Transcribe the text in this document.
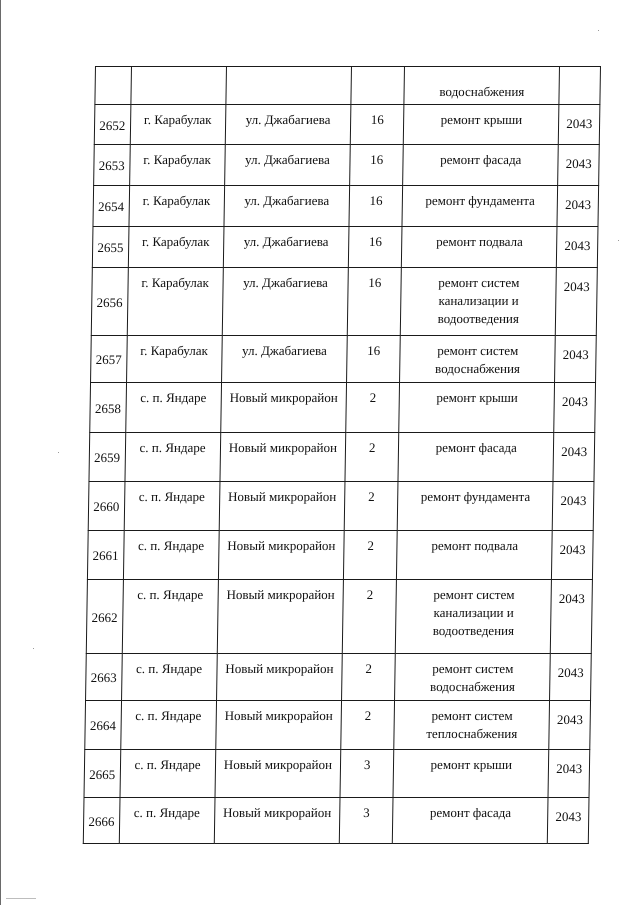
				водоснабжения	
2652	г. Карабулак	ул. Джабагиева	16	ремонт крыши	2043
2653	г. Карабулак	ул. Джабагиева	16	ремонт фасада	2043
2654	г. Карабулак	ул. Джабагиева	16	ремонт фундамента	2043
2655	г. Карабулак	ул. Джабагиева	16	ремонт подвала	2043
2656	г. Карабулак	ул. Джабагиева	16	ремонт систем канализации и водоотведения	2043
2657	г. Карабулак	ул. Джабагиева	16	ремонт систем водоснабжения	2043
2658	с. п. Яндаре	Новый микрорайон	2	ремонт крыши	2043
2659	с. п. Яндаре	Новый микрорайон	2	ремонт фасада	2043
2660	с. п. Яндаре	Новый микрорайон	2	ремонт фундамента	2043
2661	с. п. Яндаре	Новый микрорайон	2	ремонт подвала	2043
2662	с. п. Яндаре	Новый микрорайон	2	ремонт систем канализации и водоотведения	2043
2663	с. п. Яндаре	Новый микрорайон	2	ремонт систем водоснабжения	2043
2664	с. п. Яндаре	Новый микрорайон	2	ремонт систем теплоснабжения	2043
2665	с. п. Яндаре	Новый микрорайон	3	ремонт крыши	2043
2666	с. п. Яндаре	Новый микрорайон	3	ремонт фасада	2043
